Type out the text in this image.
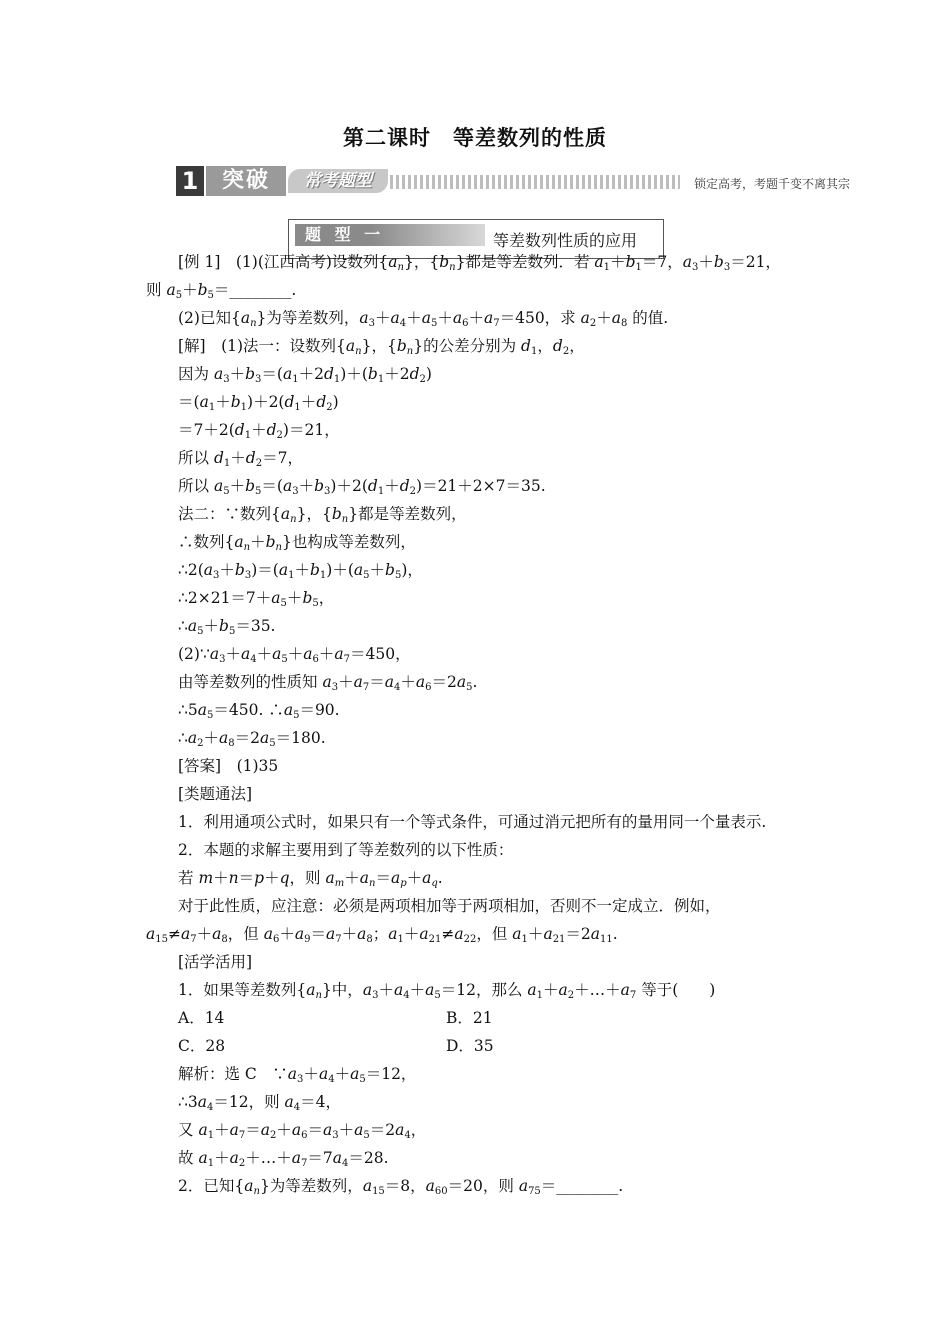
第二课时　等差数列的性质
1	突破	常考题型	锁定高考，考题千变不离其宗
题 型 一	等差数列性质的应用
[例 1]　(1)(江西高考)设数列$\{a_n\}$，$\{b_n\}$都是等差数列．若 $a_1+b_1=7$，$a_3+b_3=21$，
则 $a_5+b_5=\_\_\_\_\_\_\_\_$.
(2)已知$\{a_n\}$为等差数列，$a_3+a_4+a_5+a_6+a_7=450$，求 $a_2+a_8$ 的值.
[解]　(1)法一：设数列$\{a_n\}$，$\{b_n\}$的公差分别为 $d_1$，$d_2$，
因为 $a_3+b_3=(a_1+2d_1)+(b_1+2d_2)$
$=(a_1+b_1)+2(d_1+d_2)$
$=7+2(d_1+d_2)=21$，
所以 $d_1+d_2=7$，
所以 $a_5+b_5=(a_3+b_3)+2(d_1+d_2)=21+2\times 7=35$.
法二：∵数列$\{a_n\}$，$\{b_n\}$都是等差数列，
∴数列$\{a_n+b_n\}$也构成等差数列，
$\therefore 2(a_3+b_3)=(a_1+b_1)+(a_5+b_5)$，
$\therefore 2\times 21=7+a_5+b_5$，
$\therefore a_5+b_5=35$.
$(2)\because a_3+a_4+a_5+a_6+a_7=450$，
由等差数列的性质知 $a_3+a_7=a_4+a_6=2a_5$.
$\therefore 5a_5=450$. $\therefore a_5=90$.
$\therefore a_2+a_8=2a_5=180$.
[答案]　(1)35
[类题通法]
1．利用通项公式时，如果只有一个等式条件，可通过消元把所有的量用同一个量表示.
2．本题的求解主要用到了等差数列的以下性质：
若 m＋n＝p＋q，则 $a_m+a_n=a_p+a_q$.
对于此性质，应注意：必须是两项相加等于两项相加，否则不一定成立．例如，
$a_{15}\ne a_7+a_8$，但 $a_6+a_9=a_7+a_8$；$a_1+a_{21}\ne a_{22}$，但 $a_1+a_{21}=2a_{11}$.
[活学活用]
1．如果等差数列$\{a_n\}$中，$a_3+a_4+a_5=12$，那么 $a_1+a_2+\dots+a_7$ 等于(　　)
A．14	B．21
C．28	D．35
解析：选 C　$\because a_3+a_4+a_5=12$，
$\therefore 3a_4=12$，则 $a_4=4$，
又 $a_1+a_7=a_2+a_6=a_3+a_5=2a_4$，
故 $a_1+a_2+\dots+a_7=7a_4=28$.
2．已知$\{a_n\}$为等差数列，$a_{15}=8$，$a_{60}=20$，则 $a_{75}=\_\_\_\_\_\_\_\_$.
